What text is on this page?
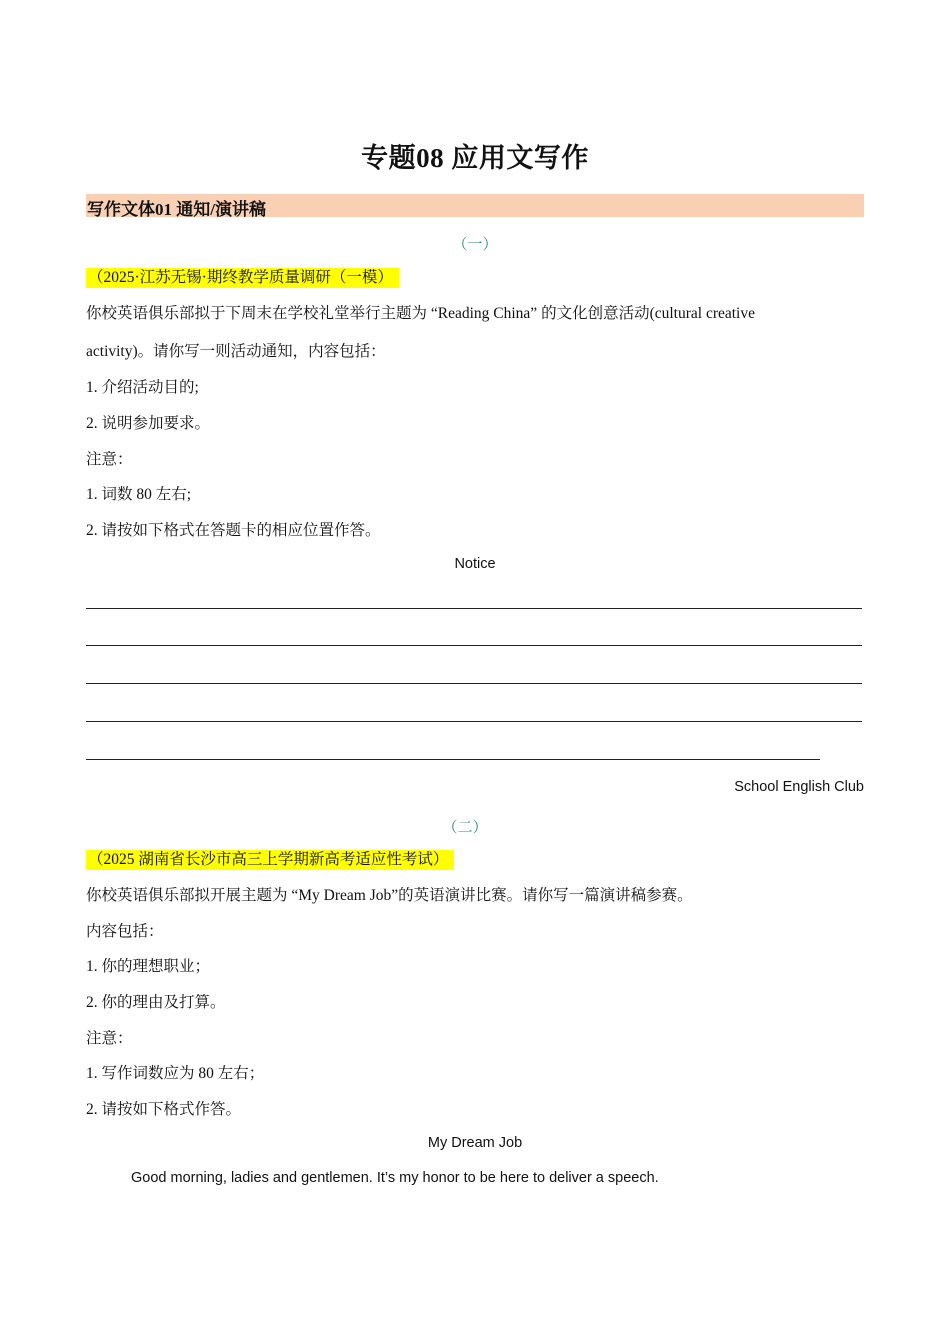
专题08 应用文写作
写作文体01 通知/演讲稿
（一）
（2025·江苏无锡·期终教学质量调研（一模）
你校英语俱乐部拟于下周末在学校礼堂举行主题为 “Reading China” 的文化创意活动(cultural creative
activity)。请你写一则活动通知，内容包括：
1. 介绍活动目的;
2. 说明参加要求。
注意：
1. 词数 80 左右;
2. 请按如下格式在答题卡的相应位置作答。
Notice
School English Club
（二）
（2025 湖南省长沙市高三上学期新高考适应性考试）
你校英语俱乐部拟开展主题为 “My Dream Job”的英语演讲比赛。请你写一篇演讲稿参赛。
内容包括：
1. 你的理想职业；
2. 你的理由及打算。
注意：
1. 写作词数应为 80 左右；
2. 请按如下格式作答。
My Dream Job
Good morning, ladies and gentlemen. It’s my honor to be here to deliver a speech.
